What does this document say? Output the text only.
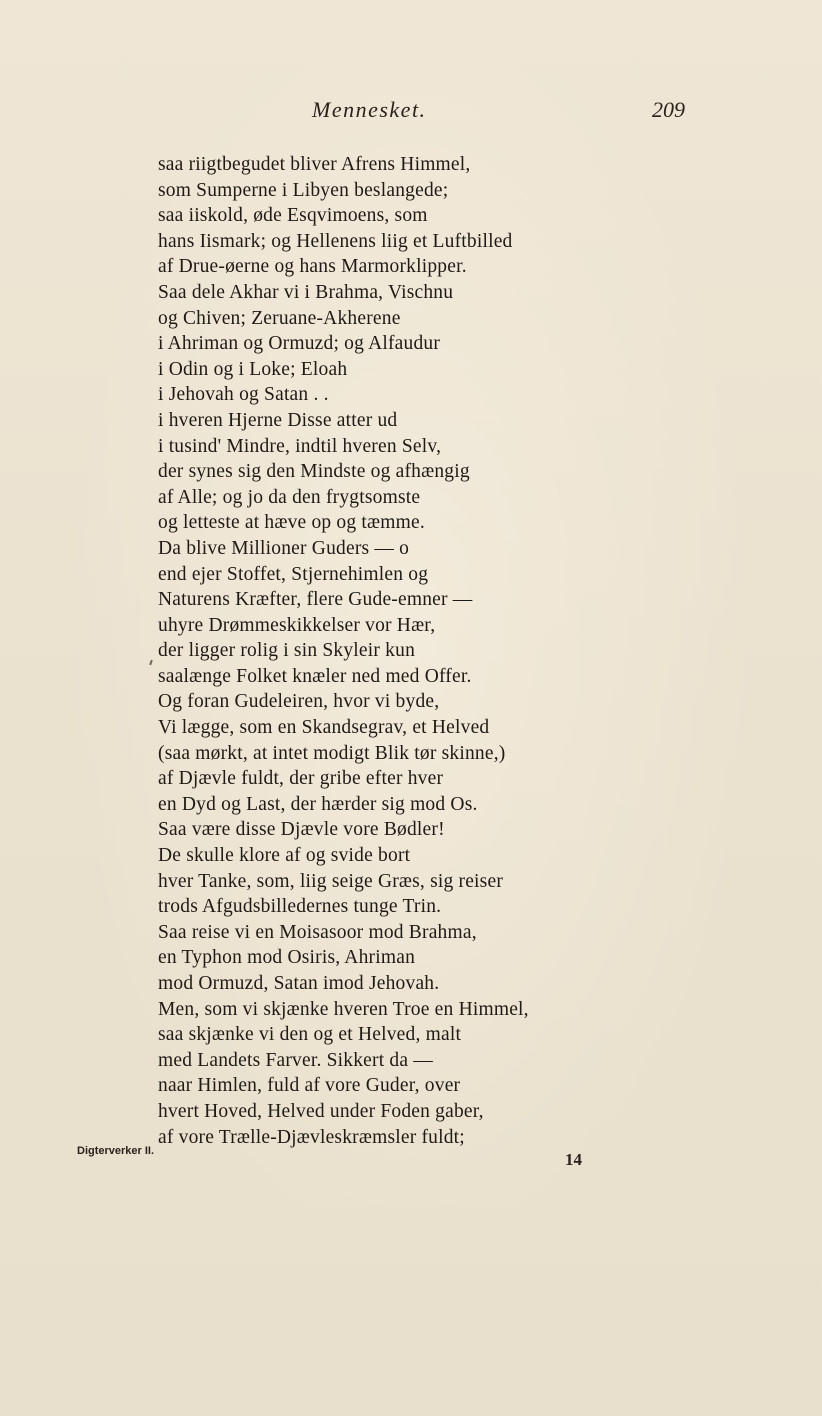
Mennesket.	209
saa riigtbegudet bliver Afrens Himmel,
som Sumperne i Libyen beslangede;
saa iiskold, øde Esqvimoens, som
hans Iismark; og Hellenens liig et Luftbilled
af Drue-øerne og hans Marmorklipper.
Saa dele Akhar vi i Brahma, Vischnu
og Chiven; Zeruane-Akherene
i Ahriman og Ormuzd; og Alfaudur
i Odin og i Loke; Eloah
i Jehovah og Satan . .
i hveren Hjerne Disse atter ud
i tusind' Mindre, indtil hveren Selv,
der synes sig den Mindste og afhængig
af Alle; og jo da den frygtsomste
og letteste at hæve op og tæmme.
Da blive Millioner Guders — o
end ejer Stoffet, Stjernehimlen og
Naturens Kræfter, flere Gude-emner —
uhyre Drømmeskikkelser vor Hær,
der ligger rolig i sin Skyleir kun
saalænge Folket knæler ned med Offer.
Og foran Gudeleiren, hvor vi byde,
Vi lægge, som en Skandsegrav, et Helved
(saa mørkt, at intet modigt Blik tør skinne,)
af Djævle fuldt, der gribe efter hver
en Dyd og Last, der hærder sig mod Os.
Saa være disse Djævle vore Bødler!
De skulle klore af og svide bort
hver Tanke, som, liig seige Græs, sig reiser
trods Afgudsbilledernes tunge Trin.
Saa reise vi en Moisasoor mod Brahma,
en Typhon mod Osiris, Ahriman
mod Ormuzd, Satan imod Jehovah.
Men, som vi skjænke hveren Troe en Himmel,
saa skjænke vi den og et Helved, malt
med Landets Farver. Sikkert da —
naar Himlen, fuld af vore Guder, over
hvert Hoved, Helved under Foden gaber,
af vore Trælle-Djævleskræmsler fuldt;
Digterverker II.	14
